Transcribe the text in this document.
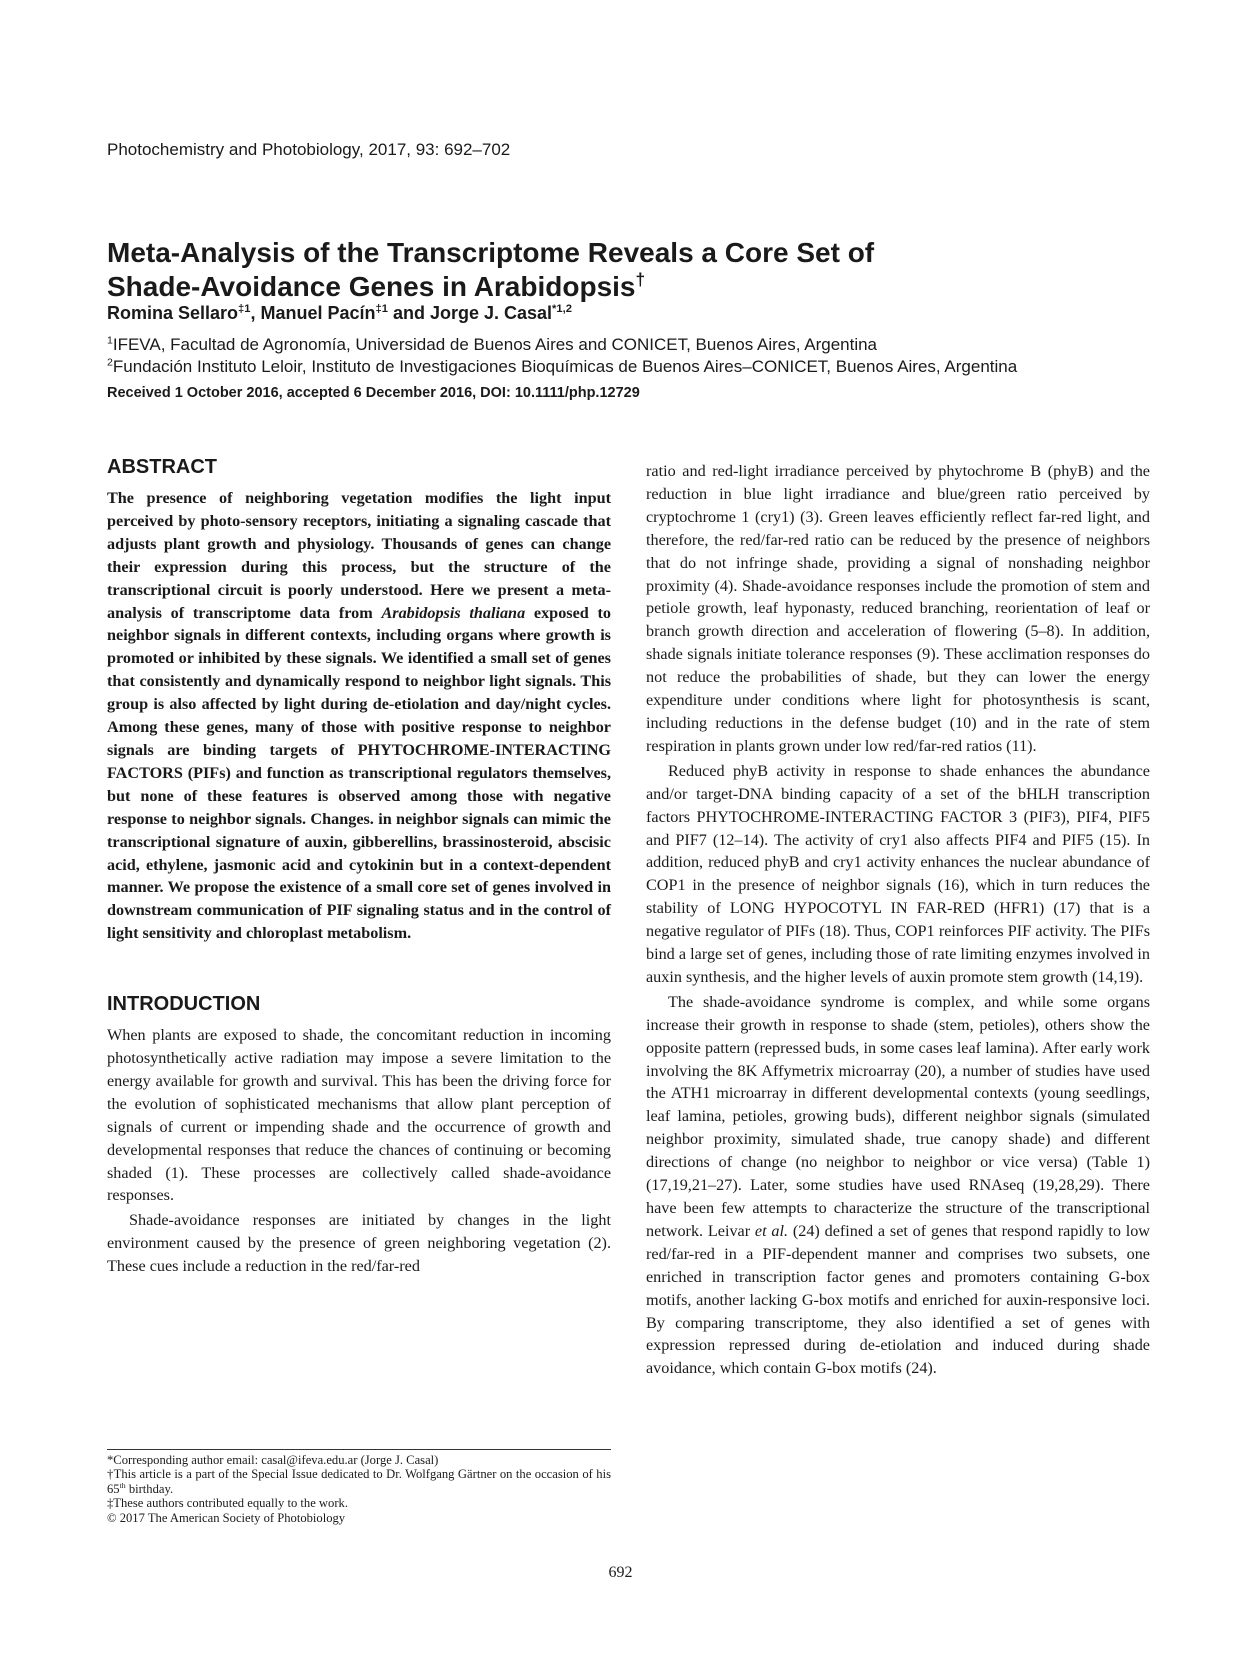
Photochemistry and Photobiology, 2017, 93: 692–702
Meta-Analysis of the Transcriptome Reveals a Core Set of
Shade-Avoidance Genes in Arabidopsis†
Romina Sellaro$^{\ddagger 1}$, Manuel Pacín$^{\ddagger 1}$ and Jorge J. Casal$^{*1,2}$
$^1$IFEVA, Facultad de Agronomía, Universidad de Buenos Aires and CONICET, Buenos Aires, Argentina
$^2$Fundación Instituto Leloir, Instituto de Investigaciones Bioquímicas de Buenos Aires–CONICET, Buenos Aires, Argentina
Received 1 October 2016, accepted 6 December 2016, DOI: 10.1111/php.12729
ABSTRACT

The presence of neighboring vegetation modifies the light input perceived by photo-sensory receptors, initiating a signaling cascade that adjusts plant growth and physiology. Thousands of genes can change their expression during this process, but the structure of the transcriptional circuit is poorly understood. Here we present a meta-analysis of transcriptome data from Arabidopsis thaliana exposed to neighbor signals in different contexts, including organs where growth is promoted or inhibited by these signals. We identified a small set of genes that consistently and dynamically respond to neighbor light signals. This group is also affected by light during de-etiolation and day/night cycles. Among these genes, many of those with positive response to neighbor signals are binding targets of PHYTOCHROME-INTERACTING FACTORS (PIFs) and function as transcriptional regulators themselves, but none of these features is observed among those with negative response to neighbor signals. Changes. in neighbor signals can mimic the transcriptional signature of auxin, gibberellins, brassinosteroid, abscisic acid, ethylene, jasmonic acid and cytokinin but in a context-dependent manner. We propose the existence of a small core set of genes involved in downstream communication of PIF signaling status and in the control of light sensitivity and chloroplast metabolism.

INTRODUCTION

When plants are exposed to shade, the concomitant reduction in incoming photosynthetically active radiation may impose a severe limitation to the energy available for growth and survival. This has been the driving force for the evolution of sophisticated mechanisms that allow plant perception of signals of current or impending shade and the occurrence of growth and developmental responses that reduce the chances of continuing or becoming shaded (1). These processes are collectively called shade-avoidance responses.

Shade-avoidance responses are initiated by changes in the light environment caused by the presence of green neighboring vegetation (2). These cues include a reduction in the red/far-red

ratio and red-light irradiance perceived by phytochrome B (phyB) and the reduction in blue light irradiance and blue/green ratio perceived by cryptochrome 1 (cry1) (3). Green leaves efficiently reflect far-red light, and therefore, the red/far-red ratio can be reduced by the presence of neighbors that do not infringe shade, providing a signal of nonshading neighbor proximity (4). Shade-avoidance responses include the promotion of stem and petiole growth, leaf hyponasty, reduced branching, reorientation of leaf or branch growth direction and acceleration of flowering (5–8). In addition, shade signals initiate tolerance responses (9). These acclimation responses do not reduce the probabilities of shade, but they can lower the energy expenditure under conditions where light for photosynthesis is scant, including reductions in the defense budget (10) and in the rate of stem respiration in plants grown under low red/far-red ratios (11).

Reduced phyB activity in response to shade enhances the abundance and/or target-DNA binding capacity of a set of the bHLH transcription factors PHYTOCHROME-INTERACTING FACTOR 3 (PIF3), PIF4, PIF5 and PIF7 (12–14). The activity of cry1 also affects PIF4 and PIF5 (15). In addition, reduced phyB and cry1 activity enhances the nuclear abundance of COP1 in the presence of neighbor signals (16), which in turn reduces the stability of LONG HYPOCOTYL IN FAR-RED (HFR1) (17) that is a negative regulator of PIFs (18). Thus, COP1 reinforces PIF activity. The PIFs bind a large set of genes, including those of rate limiting enzymes involved in auxin synthesis, and the higher levels of auxin promote stem growth (14,19).

The shade-avoidance syndrome is complex, and while some organs increase their growth in response to shade (stem, petioles), others show the opposite pattern (repressed buds, in some cases leaf lamina). After early work involving the 8K Affymetrix microarray (20), a number of studies have used the ATH1 microarray in different developmental contexts (young seedlings, leaf lamina, petioles, growing buds), different neighbor signals (simulated neighbor proximity, simulated shade, true canopy shade) and different directions of change (no neighbor to neighbor or vice versa) (Table 1) (17,19,21–27). Later, some studies have used RNAseq (19,28,29). There have been few attempts to characterize the structure of the transcriptional network. Leivar et al. (24) defined a set of genes that respond rapidly to low red/far-red in a PIF-dependent manner and comprises two subsets, one enriched in transcription factor genes and promoters containing G-box motifs, another lacking G-box motifs and enriched for auxin-responsive loci. By comparing transcriptome, they also identified a set of genes with expression repressed during de-etiolation and induced during shade avoidance, which contain G-box motifs (24).

*Corresponding author email: casal@ifeva.edu.ar (Jorge J. Casal)
†This article is a part of the Special Issue dedicated to Dr. Wolfgang Gärtner on the occasion of his 65th birthday.
‡These authors contributed equally to the work.
© 2017 The American Society of Photobiology
692
